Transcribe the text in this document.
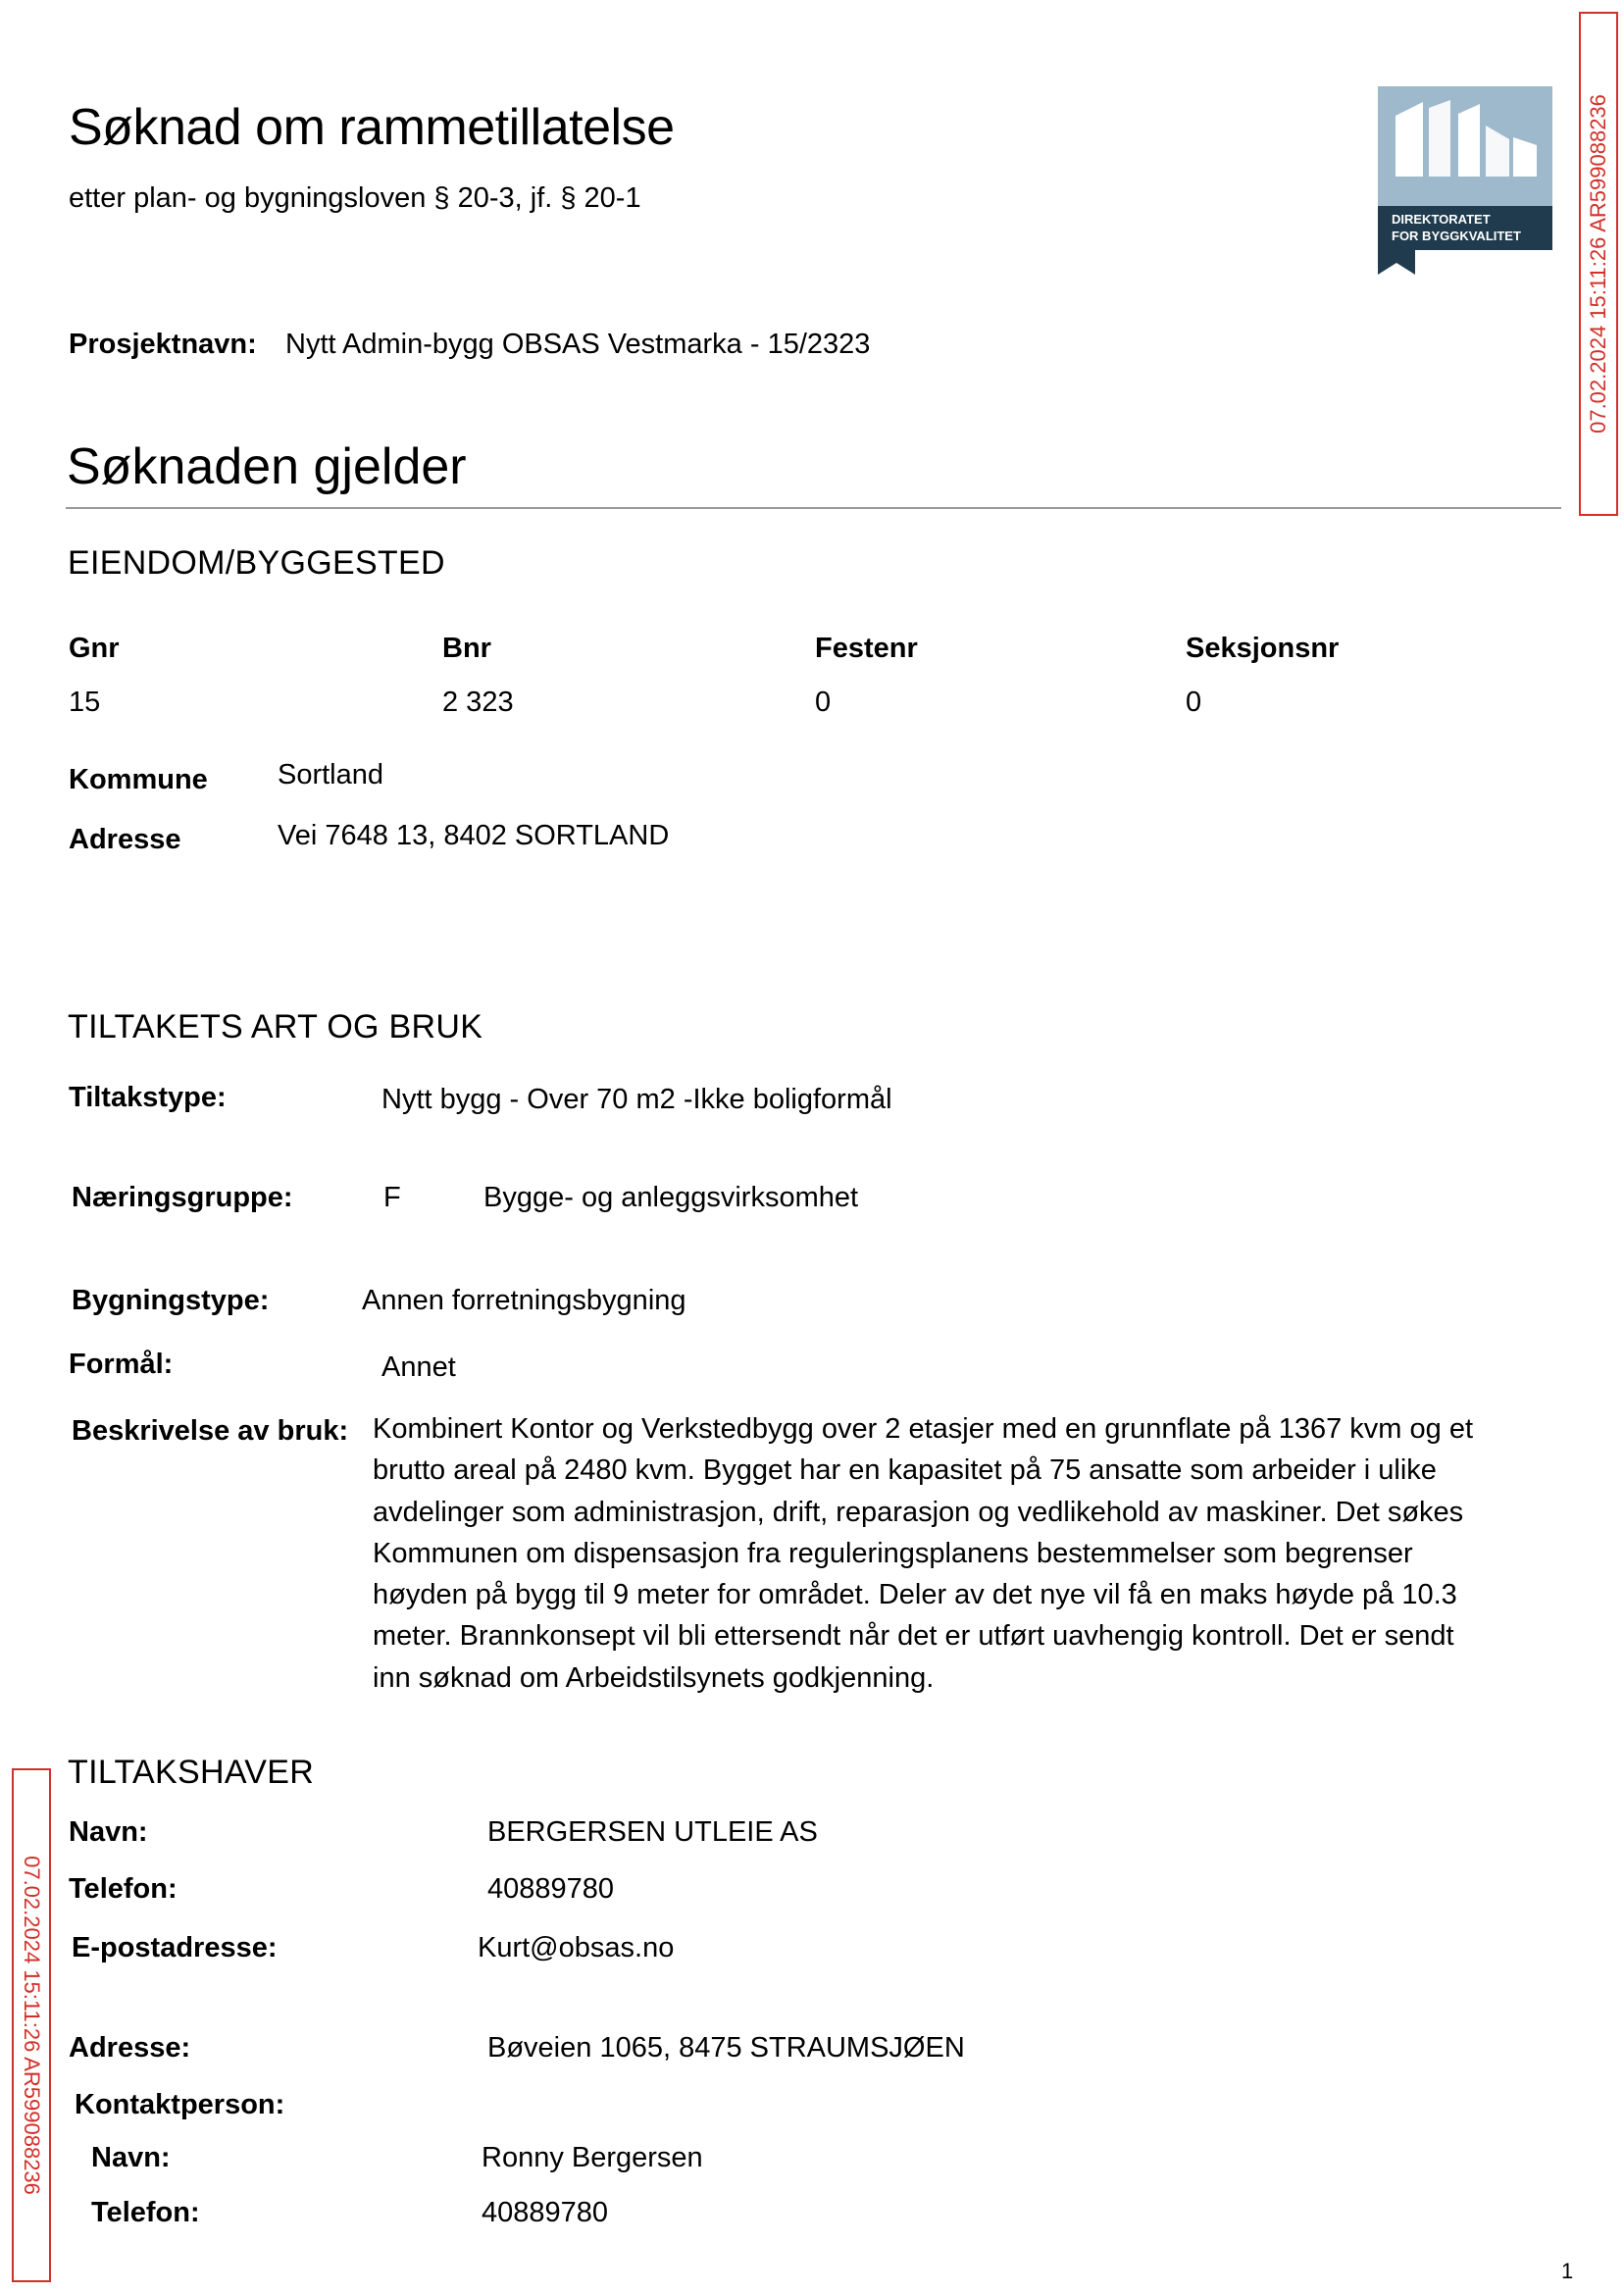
Søknad om rammetillatelse
etter plan- og bygningsloven § 20-3, jf. § 20-1
DIREKTORATET
FOR BYGGKVALITET	07.02.2024 15:11:26 AR599088236
Prosjektnavn: Nytt Admin-bygg OBSAS Vestmarka - 15/2323
Søknaden gjelder
EIENDOM/BYGGESTED
Gnr	Bnr	Festenr	Seksjonsnr
15	2 323	0	0
Kommune Sortland
Adresse	Vei 7648 13, 8402 SORTLAND
TILTAKETS ART OG BRUK
Tiltakstype:	Nytt bygg - Over 70 m2 -Ikke boligformål
Næringsgruppe:	F	Bygge- og anleggsvirksomhet
Bygningstype:	Annen forretningsbygning
Formål:	Annet
Beskrivelse av bruk: Kombinert Kontor og Verkstedbygg over 2 etasjer med en grunnflate på 1367 kvm og et
brutto areal på 2480 kvm. Bygget har en kapasitet på 75 ansatte som arbeider i ulike
avdelinger som administrasjon, drift, reparasjon og vedlikehold av maskiner. Det søkes
Kommunen om dispensasjon fra reguleringsplanens bestemmelser som begrenser
høyden på bygg til 9 meter for området. Deler av det nye vil få en maks høyde på 10.3
meter. Brannkonsept vil bli ettersendt når det er utført uavhengig kontroll. Det er sendt
inn søknad om Arbeidstilsynets godkjenning.
TILTAKSHAVER
Navn:	BERGERSEN UTLEIE AS
Telefon:	40889780
E-postadresse:	Kurt@obsas.no
Adresse:	Bøveien 1065, 8475 STRAUMSJØEN
Kontaktperson:
Navn:	Ronny Bergersen
Telefon:	40889780
07.02.2024 15:11:26 AR599088236
1
